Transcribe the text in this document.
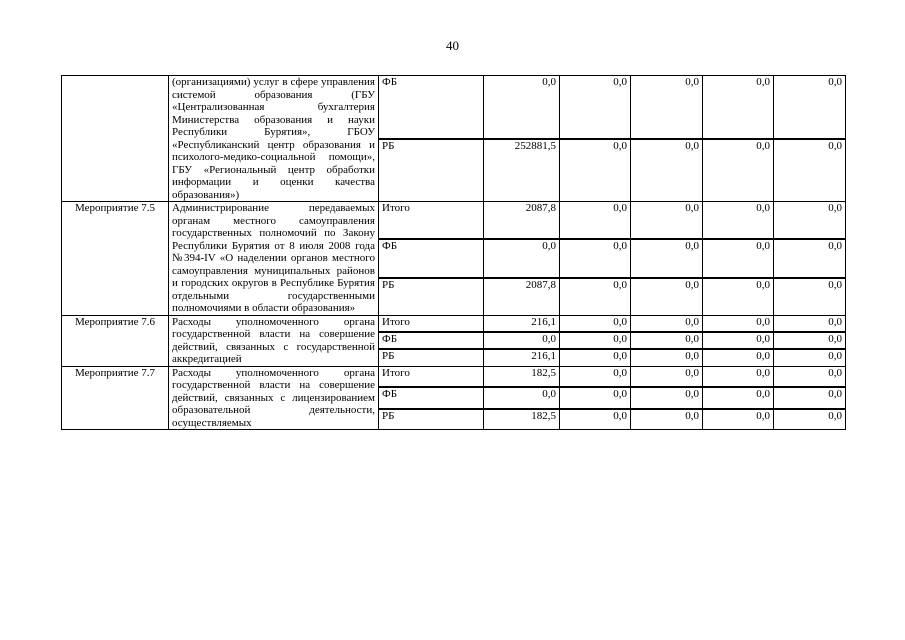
40
	(организациями) услуг в сфере управления системой образования (ГБУ «Централизованная бухгалтерия Министерства образования и науки Республики Бурятия», ГБОУ «Республиканский центр образования и психолого-медико-социальной помощи», ГБУ «Региональный центр обработки информации и оценки качества образования»)	ФБ	0,0	0,0	0,0	0,0	0,0
		РБ	252881,5	0,0	0,0	0,0	0,0
Мероприятие 7.5	Администрирование передаваемых органам местного самоуправления государственных полномочий по Закону Республики Бурятия от 8 июля 2008 года №394-IV «О наделении органов местного самоуправления муниципальных районов и городских округов в Республике Бурятия отдельными государственными полномочиями в области образования»	Итого	2087,8	0,0	0,0	0,0	0,0
		ФБ	0,0	0,0	0,0	0,0	0,0
		РБ	2087,8	0,0	0,0	0,0	0,0
Мероприятие 7.6	Расходы уполномоченного органа государственной власти на совершение действий, связанных с государственной аккредитацией	Итого	216,1	0,0	0,0	0,0	0,0
		ФБ	0,0	0,0	0,0	0,0	0,0
		РБ	216,1	0,0	0,0	0,0	0,0
Мероприятие 7.7	Расходы уполномоченного органа государственной власти на совершение действий, связанных с лицензированием образовательной деятельности, осуществляемых	Итого	182,5	0,0	0,0	0,0	0,0
		ФБ	0,0	0,0	0,0	0,0	0,0
		РБ	182,5	0,0	0,0	0,0	0,0
